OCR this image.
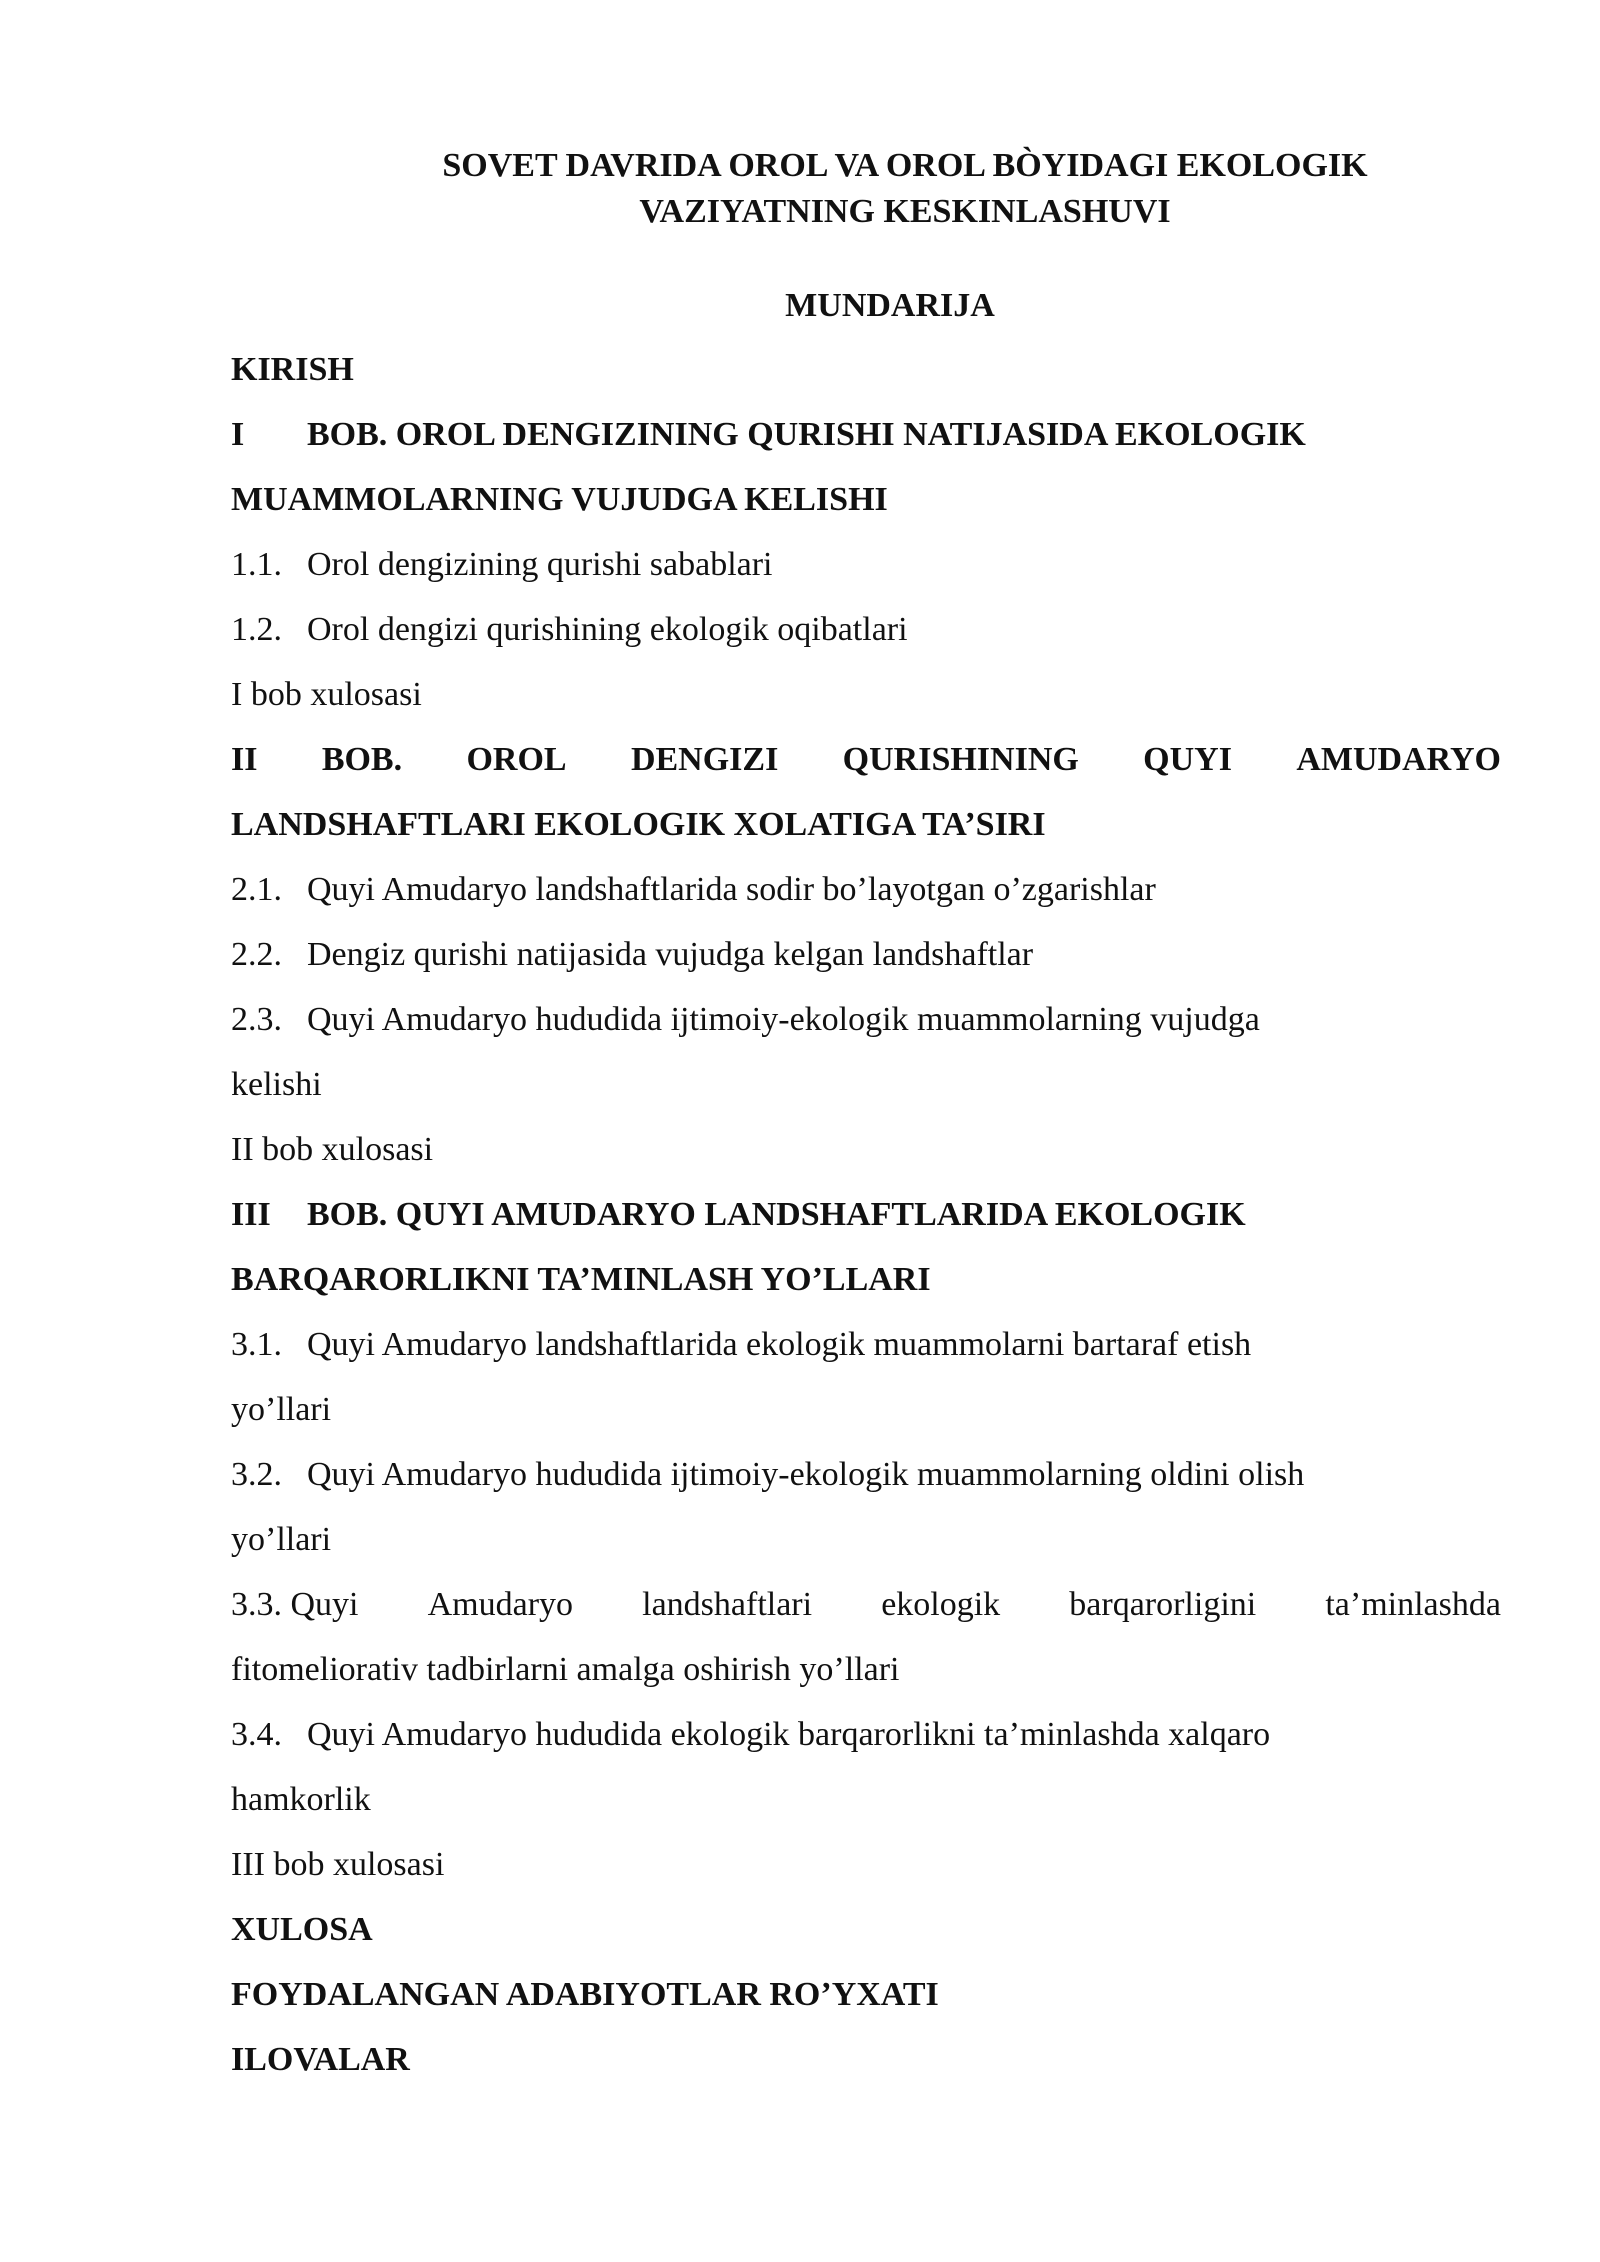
SOVET DAVRIDA OROL VA OROL BÒYIDAGI EKOLOGIK
VAZIYATNING KESKINLASHUVI
MUNDARIJA
KIRISH
I BOB. OROL DENGIZINING QURISHI NATIJASIDA EKOLOGIK
MUAMMOLARNING VUJUDGA KELISHI
1.1. Orol dengizining qurishi sabablari
1.2. Orol dengizi qurishining ekologik oqibatlari
I bob xulosasi
II BOB. OROL DENGIZI QURISHINING QUYI AMUDARYO
LANDSHAFTLARI EKOLOGIK XOLATIGA TA’SIRI
2.1. Quyi Amudaryo landshaftlarida sodir bo’layotgan o’zgarishlar
2.2. Dengiz qurishi natijasida vujudga kelgan landshaftlar
2.3. Quyi Amudaryo hududida ijtimoiy-ekologik muammolarning vujudga
kelishi
II bob xulosasi
III BOB. QUYI AMUDARYO LANDSHAFTLARIDA EKOLOGIK
BARQARORLIKNI TA’MINLASH YO’LLARI
3.1. Quyi Amudaryo landshaftlarida ekologik muammolarni bartaraf etish
yo’llari
3.2. Quyi Amudaryo hududida ijtimoiy-ekologik muammolarning oldini olish
yo’llari
3.3. Quyi Amudaryo landshaftlari ekologik barqarorligini ta’minlashda
fitomeliorativ tadbirlarni amalga oshirish yo’llari
3.4. Quyi Amudaryo hududida ekologik barqarorlikni ta’minlashda xalqaro
hamkorlik
III bob xulosasi
XULOSA
FOYDALANGAN ADABIYOTLAR RO’YXATI
ILOVALAR
